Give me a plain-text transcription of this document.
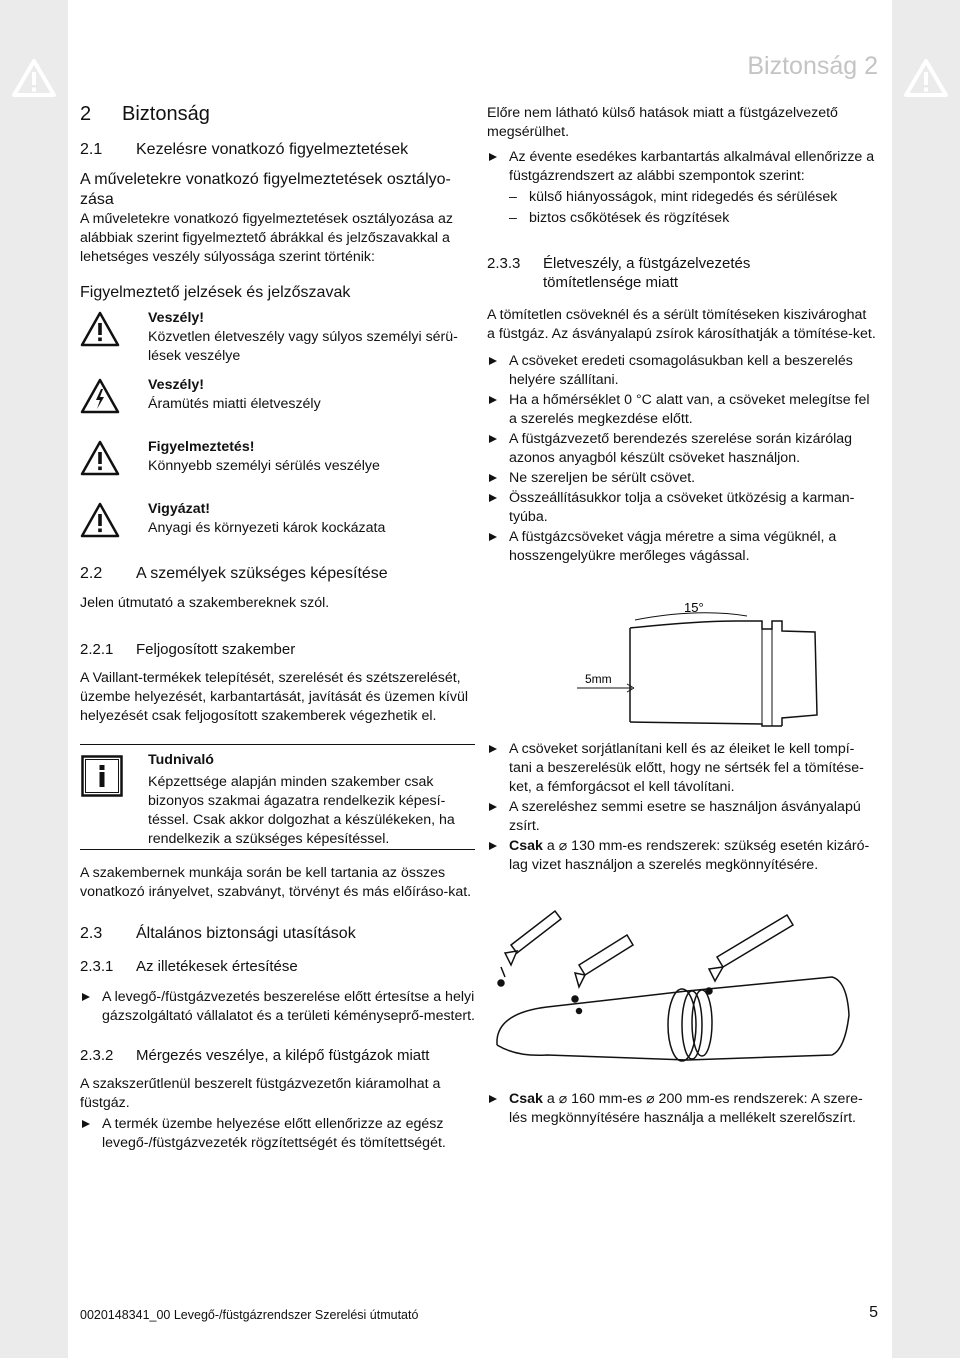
Biztonság 2
2 Biztonság
2.1 Kezelésre vonatkozó figyelmeztetések
A műveletekre vonatkozó figyelmeztetések osztályo-zása

A műveletekre vonatkozó figyelmeztetések osztályozása az alábbiak szerint figyelmeztető ábrákkal és jelzőszavakkal a lehetséges veszély súlyossága szerint történik:

Figyelmeztető jelzések és jelzőszavak
Veszély!
Közvetlen életveszély vagy súlyos személyi sérü-lések veszélye
Veszély!
Áramütés miatti életveszély
Figyelmeztetés!
Könnyebb személyi sérülés veszélye
Vigyázat!
Anyagi és környezeti károk kockázata
2.2 A személyek szükséges képesítése

Jelen útmutató a szakembereknek szól.

2.2.1 Feljogosított szakember

A Vaillant-termékek telepítését, szerelését és szétszerelését, üzembe helyezését, karbantartását, javítását és üzemen kívül helyezését csak feljogosított szakemberek végezhetik el.

Tudnivaló
Képzettsége alapján minden szakember csak bizonyos szakmai ágazatra rendelkezik képesí-téssel. Csak akkor dolgozhat a készülékeken, ha rendelkezik a szükséges képesítéssel.

A szakembernek munkája során be kell tartania az összes vonatkozó irányelvet, szabványt, törvényt és más előíráso-kat.

2.3 Általános biztonsági utasítások
2.3.1 Az illetékesek értesítése

A levegő-/füstgázvezetés beszerelése előtt értesítse a helyi gázszolgáltató vállalatot és a területi kéményseprő-mestert.

2.3.2 Mérgezés veszélye, a kilépő füstgázok miatt

A szakszerűtlenül beszerelt füstgázvezetőn kiáramolhat a füstgáz.

A termék üzembe helyezése előtt ellenőrizze az egész levegő-/füstgázvezeték rögzítettségét és tömítettségét.

Előre nem látható külső hatások miatt a füstgázelvezető megsérülhet.

Az évente esedékes karbantartás alkalmával ellenőrizze a füstgázrendszert az alábbi szempontok szerint:

– külső hiányosságok, mint ridegedés és sérülések

– biztos csőkötések és rögzítések

2.3.3 Életveszély, a füstgázelvezetés
tömítetlensége miatt

A tömítetlen csöveknél és a sérült tömítéseken kiszivároghat a füstgáz. Az ásványalapú zsírok károsíthatják a tömítése-ket.

A csöveket eredeti csomagolásukban kell a beszerelés helyére szállítani.

Ha a hőmérséklet 0 °C alatt van, a csöveket melegítse fel a szerelés megkezdése előtt.

A füstgázvezető berendezés szerelése során kizárólag azonos anyagból készült csöveket használjon.

Ne szereljen be sérült csövet.

Összeállításukkor tolja a csöveket ütközésig a karman-tyúba.

A füstgázcsöveket vágja méretre a sima végüknél, a hosszengelyükre merőleges vágással.

15°
5mm

A csöveket sorjátlanítani kell és az éleiket le kell tompí-tani a beszerelésük előtt, hogy ne sértsék fel a tömítése-ket, a fémforgácsot el kell távolítani.

A szereléshez semmi esetre se használjon ásványalapú zsírt.

Csak a ⌀ 130 mm-es rendszerek: szükség esetén kizáró-lag vizet használjon a szerelés megkönnyítésére.

Csak a ⌀ 160 mm-es ⌀ 200 mm-es rendszerek: A szere-lés megkönnyítésére használja a mellékelt szerelőszírt.

0020148341_00 Levegő-/füstgázrendszer Szerelési útmutató	5
